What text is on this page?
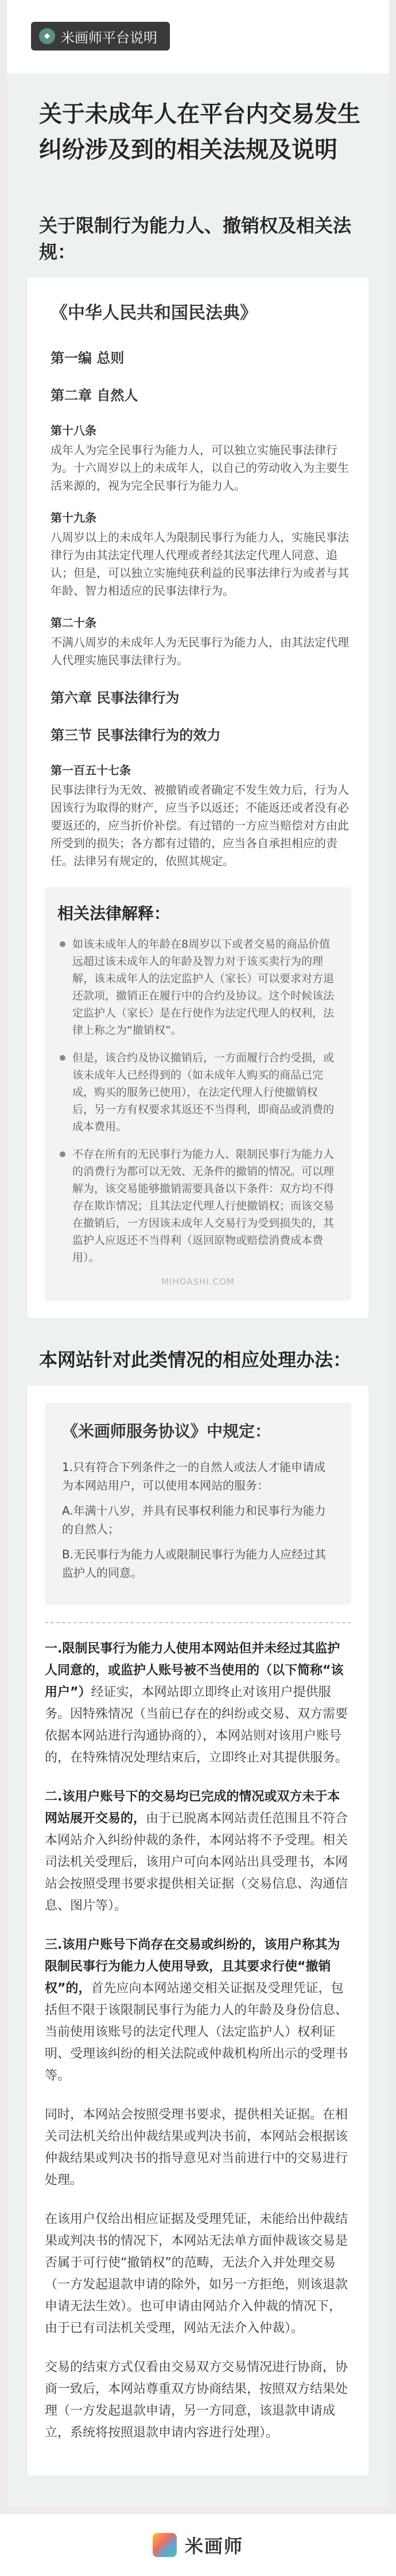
米画师平台说明
关于未成年人在平台内交易发生纠纷涉及到的相关法规及说明
关于限制行为能力人、撤销权及相关法规：
《中华人民共和国民法典》
第一编 总则
第二章 自然人
第十八条
成年人为完全民事行为能力人，可以独立实施民事法律行为。十六周岁以上的未成年人，以自己的劳动收入为主要生活来源的，视为完全民事行为能力人。
第十九条
八周岁以上的未成年人为限制民事行为能力人，实施民事法律行为由其法定代理人代理或者经其法定代理人同意、追认；但是，可以独立实施纯获利益的民事法律行为或者与其年龄、智力相适应的民事法律行为。
第二十条
不满八周岁的未成年人为无民事行为能力人，由其法定代理人代理实施民事法律行为。
第六章 民事法律行为
第三节 民事法律行为的效力
第一百五十七条
民事法律行为无效、被撤销或者确定不发生效力后，行为人因该行为取得的财产，应当予以返还；不能返还或者没有必要返还的，应当折价补偿。有过错的一方应当赔偿对方由此所受到的损失；各方都有过错的，应当各自承担相应的责任。法律另有规定的，依照其规定。
相关法律解释：
如该未成年人的年龄在8周岁以下或者交易的商品价值远超过该未成年人的年龄及智力对于该买卖行为的理解，该未成年人的法定监护人（家长）可以要求对方退还款项，撤销正在履行中的合约及协议。这个时候该法定监护人（家长）是在行使作为法定代理人的权利，法律上称之为“撤销权”。
但是，该合约及协议撤销后，一方面履行合约受损，或该未成年人已经得到的（如未成年人购买的商品已完成，购买的服务已使用），在法定代理人行使撤销权后，另一方有权要求其返还不当得利，即商品或消费的成本费用。
不存在所有的无民事行为能力人、限制民事行为能力人的消费行为都可以无效、无条件的撤销的情况。可以理解为，该交易能够撤销需要具备以下条件：双方均不得存在欺诈情况；且其法定代理人行使撤销权；而该交易在撤销后，一方因该未成年人交易行为受到损失的，其监护人应返还不当得利（返回原物或赔偿消费成本费用）。
MIHOASHI.COM
本网站针对此类情况的相应处理办法：
《米画师服务协议》中规定：
1.只有符合下列条件之一的自然人或法人才能申请成为本网站用户，可以使用本网站的服务：
A.年满十八岁，并具有民事权利能力和民事行为能力的自然人；
B.无民事行为能力人或限制民事行为能力人应经过其监护人的同意。
一.限制民事行为能力人使用本网站但并未经过其监护人同意的，或监护人账号被不当使用的（以下简称“该用户”）经证实，本网站即立即终止对该用户提供服务。因特殊情况（当前已存在的纠纷或交易、双方需要依据本网站进行沟通协商的），本网站则对该用户账号的，在特殊情况处理结束后，立即终止对其提供服务。
二.该用户账号下的交易均已完成的情况或双方未于本网站展开交易的，由于已脱离本网站责任范围且不符合本网站介入纠纷仲裁的条件，本网站将不予受理。相关司法机关受理后，该用户可向本网站出具受理书，本网站会按照受理书要求提供相关证据（交易信息、沟通信息、图片等）。
三.该用户账号下尚存在交易或纠纷的，该用户称其为限制民事行为能力人使用导致，且其要求行使“撤销权”的，首先应向本网站递交相关证据及受理凭证，包括但不限于该限制民事行为能力人的年龄及身份信息、当前使用该账号的法定代理人（法定监护人）权利证明、受理该纠纷的相关法院或仲裁机构所出示的受理书等。
同时，本网站会按照受理书要求，提供相关证据。在相关司法机关给出仲裁结果或判决书前，本网站会根据该仲裁结果或判决书的指导意见对当前进行中的交易进行处理。
在该用户仅给出相应证据及受理凭证，未能给出仲裁结果或判决书的情况下，本网站无法单方面仲裁该交易是否属于可行使“撤销权”的范畴，无法介入并处理交易（一方发起退款申请的除外，如另一方拒绝，则该退款申请无法生效）。也可申请由网站介入仲裁的情况下，由于已有司法机关受理，网站无法介入仲裁）。
交易的结束方式仅看由交易双方交易情况进行协商，协商一致后，本网站尊重双方协商结果，按照双方结果处理（一方发起退款申请，另一方同意，该退款申请成立，系统将按照退款申请内容进行处理）。
米画师
